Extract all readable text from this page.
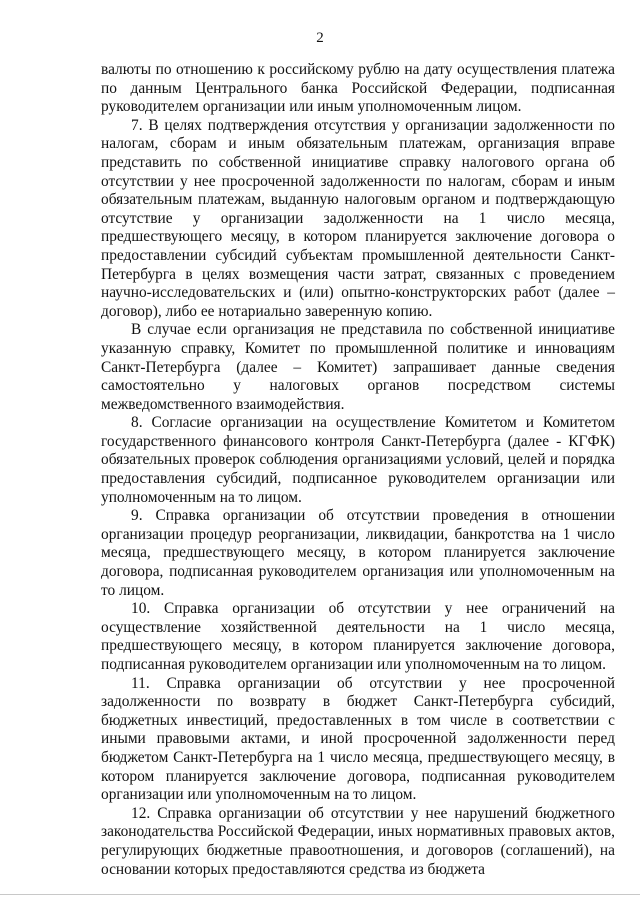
2

валюты по отношению к российскому рублю на дату осуществления платежа по данным Центрального банка Российской Федерации, подписанная руководителем организации или иным уполномоченным лицом.

7. В целях подтверждения отсутствия у организации задолженности по налогам, сборам и иным обязательным платежам, организация вправе представить по собственной инициативе справку налогового органа об отсутствии у нее просроченной задолженности по налогам, сборам и иным обязательным платежам, выданную налоговым органом и подтверждающую отсутствие у организации задолженности на 1 число месяца, предшествующего месяцу, в котором планируется заключение договора о предоставлении субсидий субъектам промышленной деятельности Санкт-Петербурга в целях возмещения части затрат, связанных с проведением научно-исследовательских и (или) опытно-конструкторских работ (далее – договор), либо ее нотариально заверенную копию.

В случае если организация не представила по собственной инициативе указанную справку, Комитет по промышленной политике и инновациям Санкт-Петербурга (далее – Комитет) запрашивает данные сведения самостоятельно у налоговых органов посредством системы межведомственного взаимодействия.

8. Согласие организации на осуществление Комитетом и Комитетом государственного финансового контроля Санкт-Петербурга (далее - КГФК) обязательных проверок соблюдения организациями условий, целей и порядка предоставления субсидий, подписанное руководителем организации или уполномоченным на то лицом.

9. Справка организации об отсутствии проведения в отношении организации процедур реорганизации, ликвидации, банкротства на 1 число месяца, предшествующего месяцу, в котором планируется заключение договора, подписанная руководителем организация или уполномоченным на то лицом.

10. Справка организации об отсутствии у нее ограничений на осуществление хозяйственной деятельности на 1 число месяца, предшествующего месяцу, в котором планируется заключение договора, подписанная руководителем организации или уполномоченным на то лицом.

11. Справка организации об отсутствии у нее просроченной задолженности по возврату в бюджет Санкт-Петербурга субсидий, бюджетных инвестиций, предоставленных в том числе в соответствии с иными правовыми актами, и иной просроченной задолженности перед бюджетом Санкт-Петербурга на 1 число месяца, предшествующего месяцу, в котором планируется заключение договора, подписанная руководителем организации или уполномоченным на то лицом.

12. Справка организации об отсутствии у нее нарушений бюджетного законодательства Российской Федерации, иных нормативных правовых актов, регулирующих бюджетные правоотношения, и договоров (соглашений), на основании которых предоставляются средства из бюджета
